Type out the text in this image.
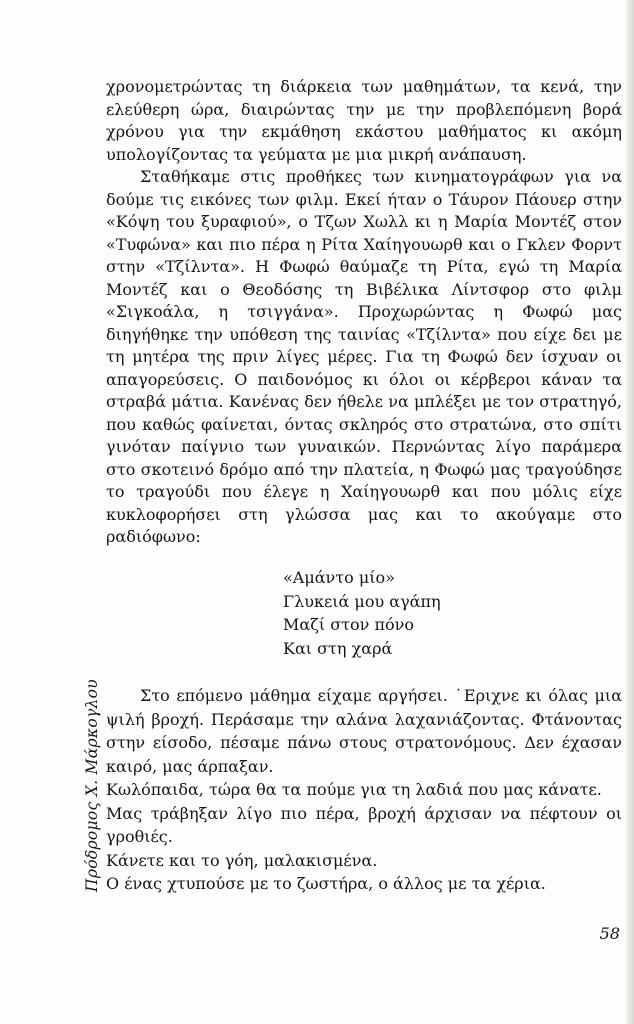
χρονομετρώντας τη διάρκεια των μαθημάτων, τα κενά, την ελεύθερη ώρα, διαιρώντας την με την προβλεπόμενη βορά χρόνου για την εκμάθηση εκάστου μαθήματος κι ακόμη υπολογίζοντας τα γεύματα με μια μικρή ανάπαυση.

Σταθήκαμε στις προθήκες των κινηματογράφων για να δούμε τις εικόνες των φιλμ. Εκεί ήταν ο Τάυρον Πάουερ στην «Κόψη του ξυραφιού», ο Τζων Χωλλ κι η Μαρία Μοντέζ στον «Τυφώνα» και πιο πέρα η Ρίτα Χαίηγουωρθ και ο Γκλεν Φορντ στην «Τζίλντα». Η Φωφώ θαύμαζε τη Ρίτα, εγώ τη Μαρία Μοντέζ και ο Θεοδόσης τη Βιβέλικα Λίντσφορ στο φιλμ «Σιγκοάλα, η τσιγγάνα». Προχωρώντας η Φωφώ μας διηγήθηκε την υπόθεση της ταινίας «Τζίλντα» που είχε δει με τη μητέρα της πριν λίγες μέρες. Για τη Φωφώ δεν ίσχυαν οι απαγορεύσεις. Ο παιδονόμος κι όλοι οι κέρβεροι κάναν τα στραβά μάτια. Κανένας δεν ήθελε να μπλέξει με τον στρατηγό, που καθώς φαίνεται, όντας σκληρός στο στρατώνα, στο σπίτι γινόταν παίγνιο των γυναικών. Περνώντας λίγο παράμερα στο σκοτεινό δρόμο από την πλατεία, η Φωφώ μας τραγούδησε το τραγούδι που έλεγε η Χαίηγουωρθ και που μόλις είχε κυκλοφορήσει στη γλώσσα μας και το ακούγαμε στο ραδιόφωνο:

«Αμάντο μίο»
Γλυκειά μου αγάπη
Μαζί στον πόνο
Και στη χαρά

Στο επόμενο μάθημα είχαμε αργήσει. ˙Εριχνε κι όλας μια ψιλή βροχή. Περάσαμε την αλάνα λαχανιάζοντας. Φτάνοντας στην είσοδο, πέσαμε πάνω στους στρατονόμους. Δεν έχασαν καιρό, μας άρπαξαν.

Κωλόπαιδα, τώρα θα τα πούμε για τη λαδιά που μας κάνατε.

Μας τράβηξαν λίγο πιο πέρα, βροχή άρχισαν να πέφτουν οι γροθιές.

Κάνετε και το γόη, μαλακισμένα.

Ο ένας χτυπούσε με το ζωστήρα, ο άλλος με τα χέρια.

Πρόδρομος Χ. Μάρκογλου
58
